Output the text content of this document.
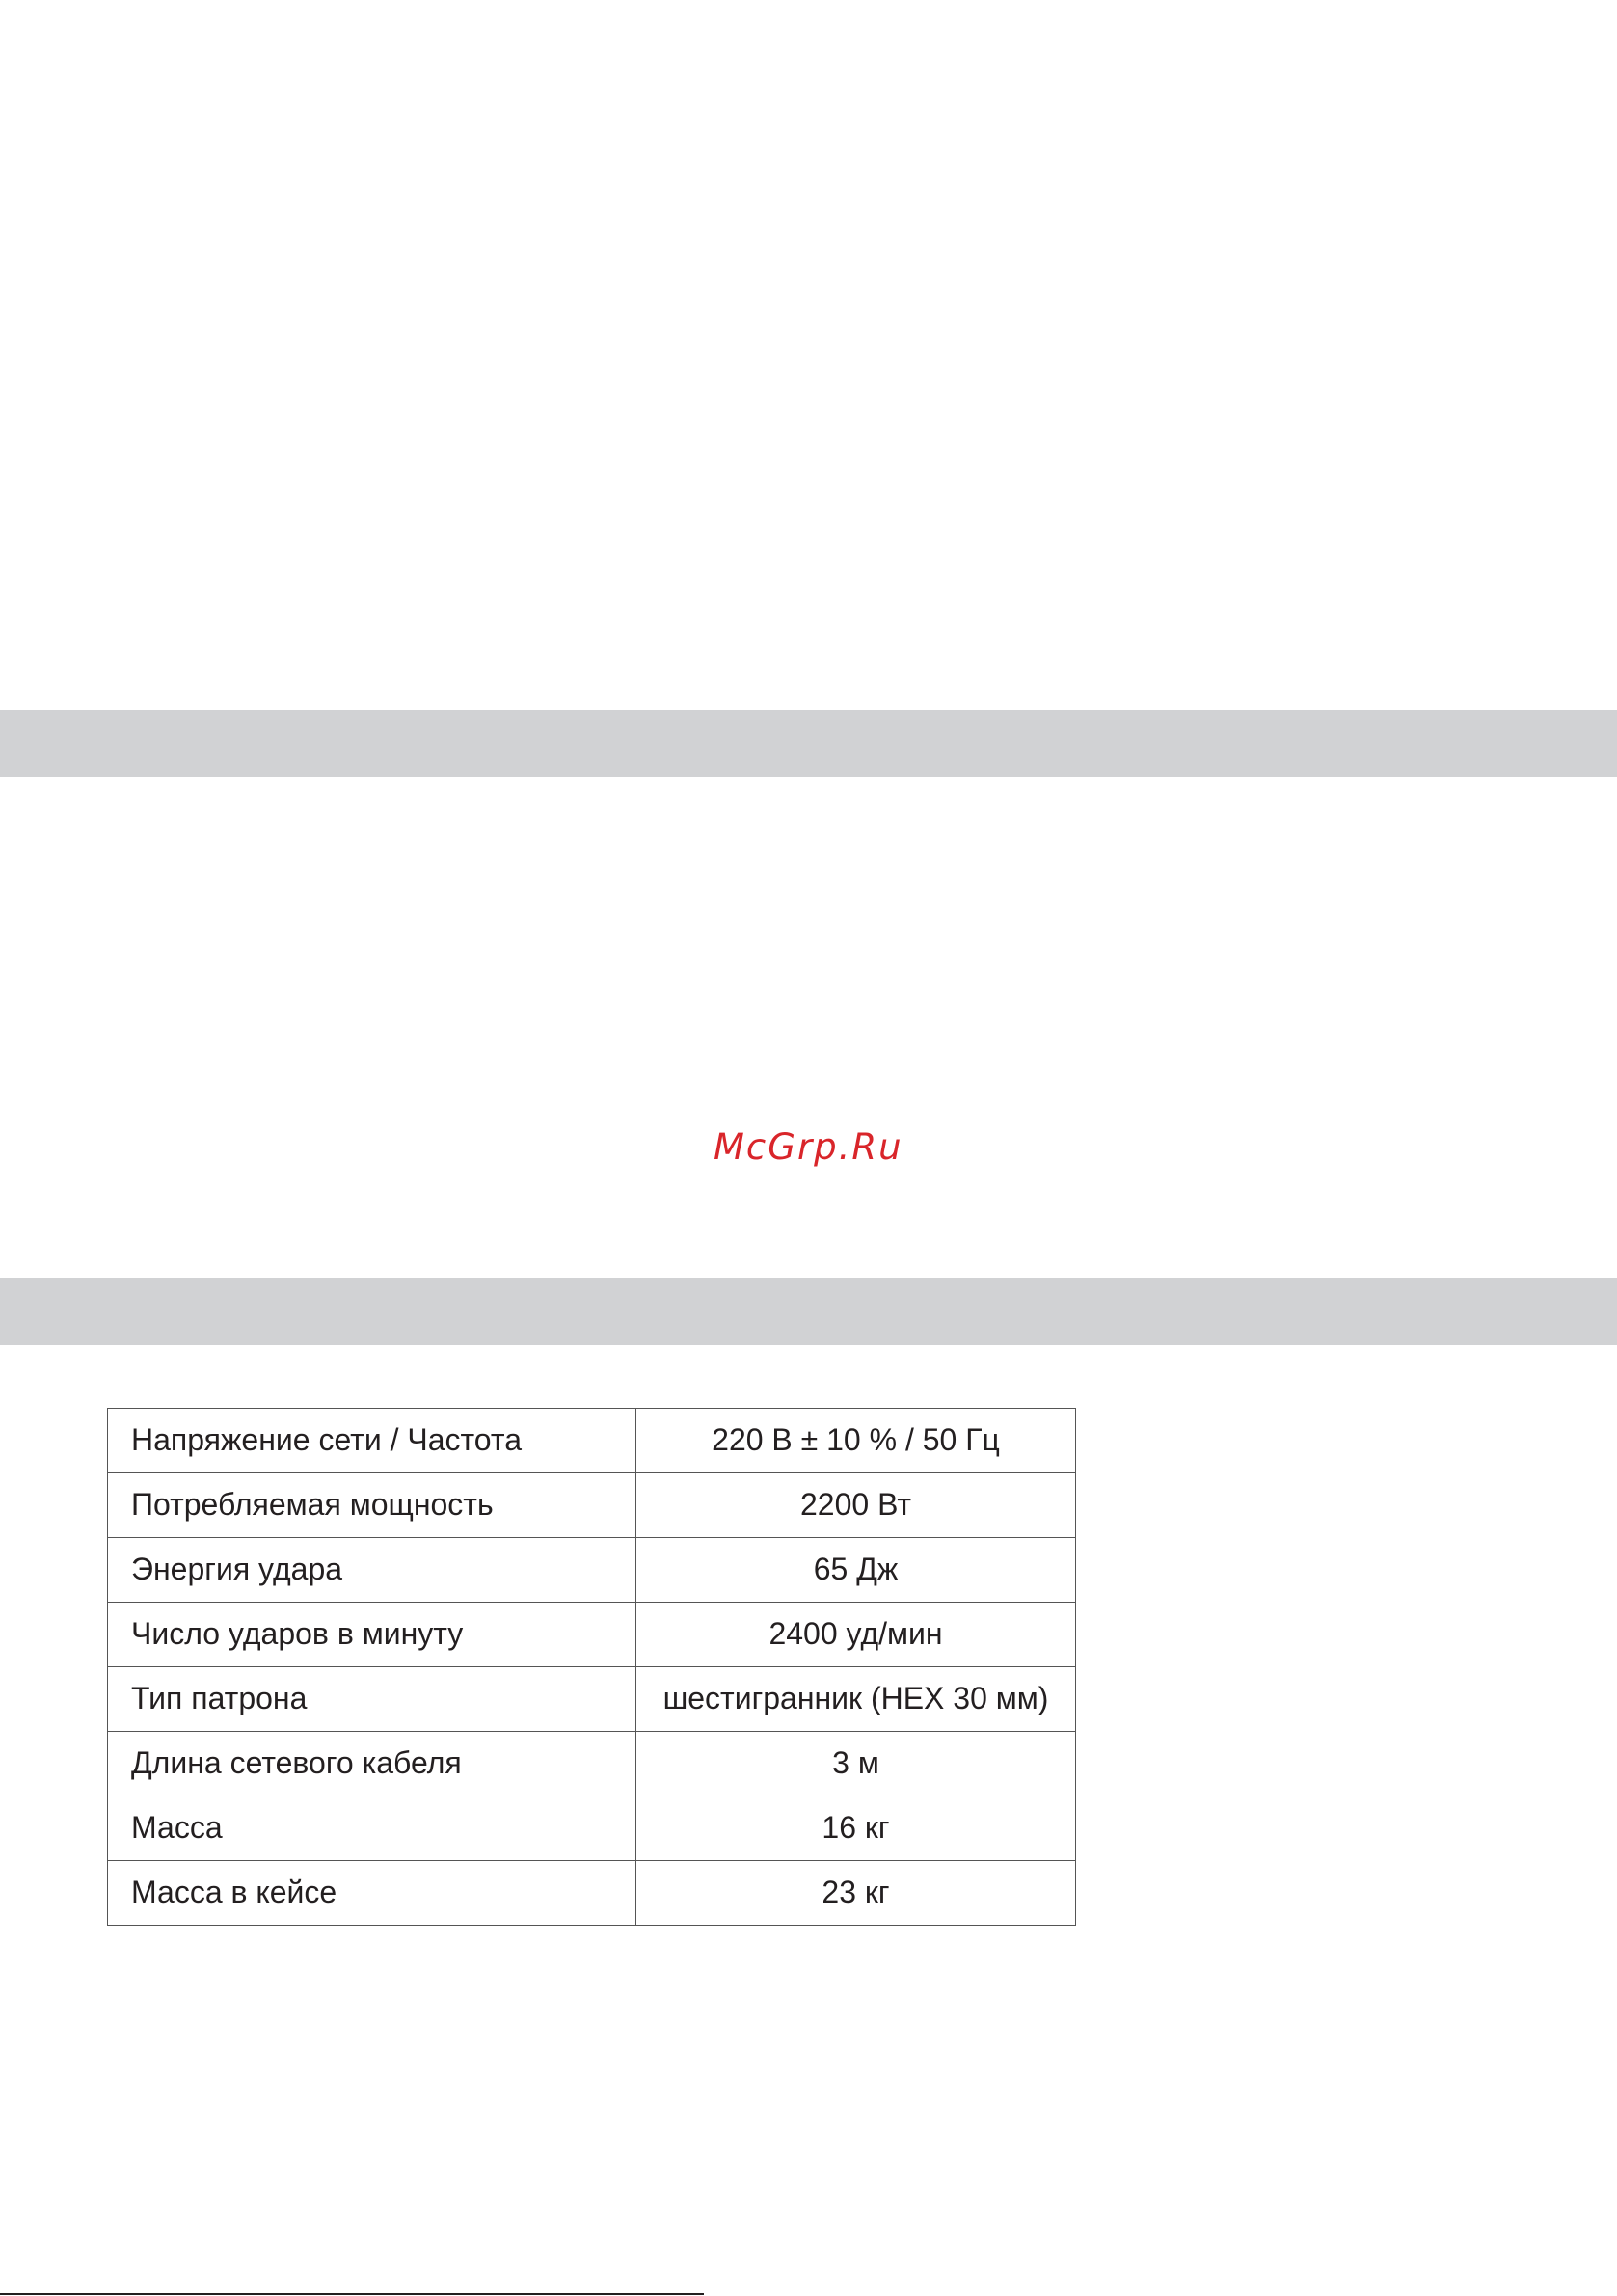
McGrp.Ru
Напряжение сети / Частота	220 В ± 10 % / 50 Гц
Потребляемая мощность	2200 Вт
Энергия удара	65 Дж
Число ударов в минуту	2400 уд/мин
Тип патрона	шестигранник (HEX 30 мм)
Длина сетевого кабеля	3 м
Масса	16 кг
Масса в кейсе	23 кг
